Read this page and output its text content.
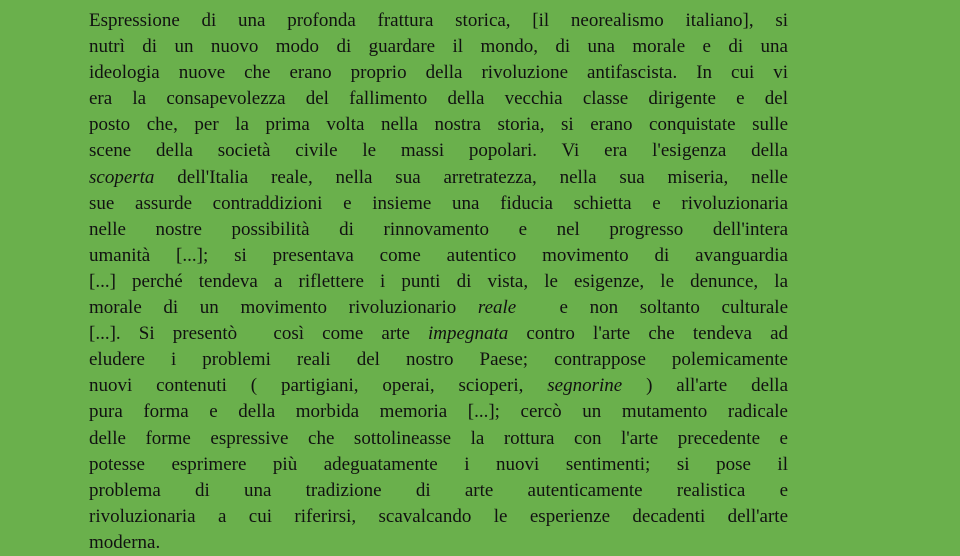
Espressione di una profonda frattura storica, [il neorealismo italiano], si
nutrì di un nuovo modo di guardare il mondo, di una morale e di una
ideologia nuove che erano proprio della rivoluzione antifascista. In cui vi
era la consapevolezza del fallimento della vecchia classe dirigente e del
posto che, per la prima volta nella nostra storia, si erano conquistate sulle
scene della società civile le massi popolari. Vi era l'esigenza della
scoperta dell'Italia reale, nella sua arretratezza, nella sua miseria, nelle
sue assurde contraddizioni e insieme una fiducia schietta e rivoluzionaria
nelle nostre possibilità di rinnovamento e nel progresso dell'intera
umanità [...]; si presentava come autentico movimento di avanguardia
[...] perché tendeva a riflettere i punti di vista, le esigenze, le denunce, la
morale di un movimento rivoluzionario reale  e non soltanto culturale
[...]. Si presentò  così come arte impegnata contro l'arte che tendeva ad
eludere i problemi reali del nostro Paese; contrappose polemicamente
nuovi contenuti ( partigiani, operai, scioperi, segnorine ) all'arte della
pura forma e della morbida memoria [...]; cercò un mutamento radicale
delle forme espressive che sottolineasse la rottura con l'arte precedente e
potesse esprimere più adeguatamente i nuovi sentimenti; si pose il
problema di una tradizione di arte autenticamente realistica e
rivoluzionaria a cui riferirsi, scavalcando le esperienze decadenti dell'arte
moderna.
